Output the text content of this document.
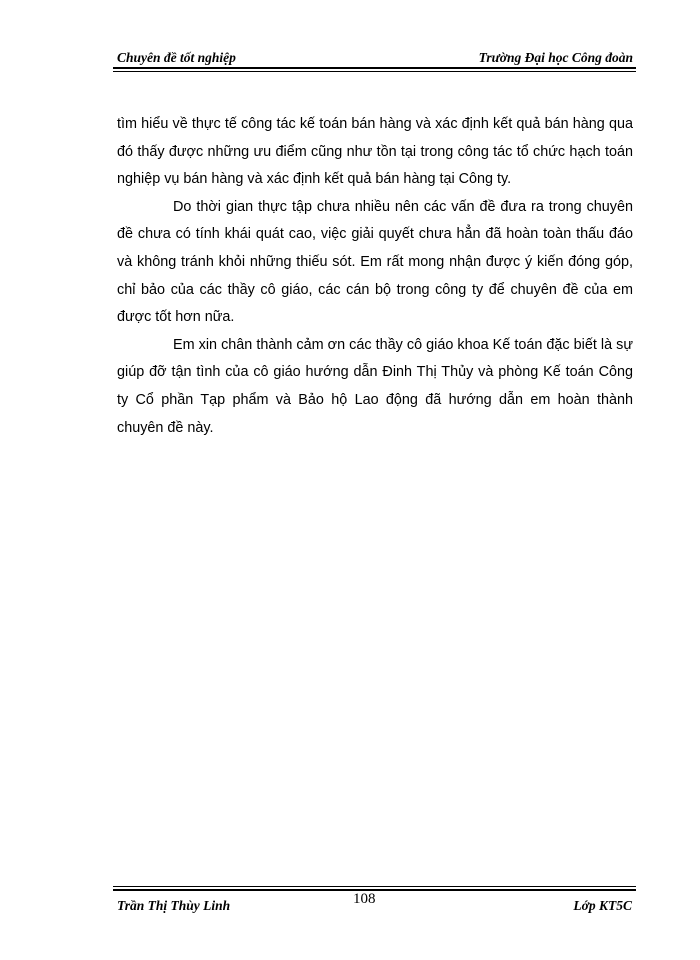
Chuyên đề tốt nghiệp	Trường Đại học Công đoàn

tìm hiểu về thực tế công tác kế toán bán hàng và xác định kết quả bán hàng qua đó thấy được những ưu điểm cũng như tồn tại trong công tác tổ chức hạch toán nghiệp vụ bán hàng và xác định kết quả bán hàng tại Công ty.

Do thời gian thực tập chưa nhiều nên các vấn đề đưa ra trong chuyên đề chưa có tính khái quát cao, việc giải quyết chưa hẳn đã hoàn toàn thấu đáo và không tránh khỏi những thiếu sót. Em rất mong nhận được ý kiến đóng góp, chỉ bảo của các thầy cô giáo, các cán bộ trong công ty để chuyên đề của em được tốt hơn nữa.

Em xin chân thành cảm ơn các thầy cô giáo khoa Kế toán đặc biết là sự giúp đỡ tận tình của cô giáo hướng dẫn Đinh Thị Thủy và phòng Kế toán Công ty Cổ phần Tạp phẩm và Bảo hộ Lao động đã hướng dẫn em hoàn thành chuyên đề này.

Trần Thị Thùy Linh	108	Lớp KT5C
